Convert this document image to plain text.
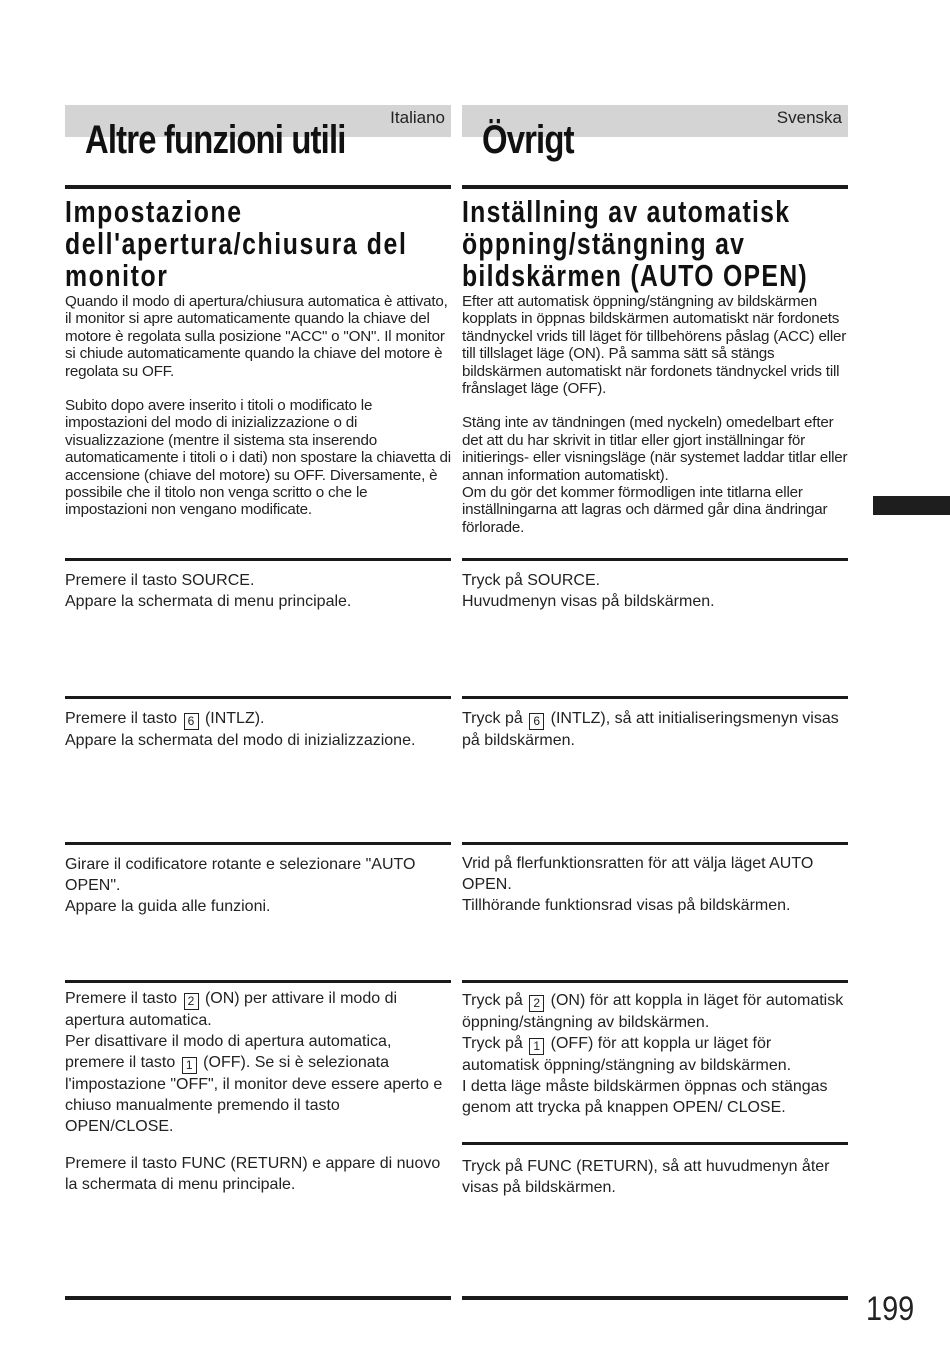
Italiano
Altre funzioni utili
Impostazione dell'apertura/chiusura del monitor

Quando il modo di apertura/chiusura automatica è attivato, il monitor si apre automaticamente quando la chiave del motore è regolata sulla posizione "ACC" o "ON". Il monitor si chiude automaticamente quando la chiave del motore è regolata su OFF.

Subito dopo avere inserito i titoli o modificato le impostazioni del modo di inizializzazione o di visualizzazione (mentre il sistema sta inserendo automaticamente i titoli o i dati) non spostare la chiavetta di accensione (chiave del motore) su OFF. Diversamente, è possibile che il titolo non venga scritto o che le impostazioni non vengano modificate.

Premere il tasto SOURCE.

Appare la schermata di menu principale.

Premere il tasto 6 (INTLZ).

Appare la schermata del modo di inizializzazione.

Girare il codificatore rotante e selezionare "AUTO OPEN".

Appare la guida alle funzioni.

Premere il tasto 2 (ON) per attivare il modo di apertura automatica.

Per disattivare il modo di apertura automatica, premere il tasto 1 (OFF). Se si è selezionata l'impostazione "OFF", il monitor deve essere aperto e chiuso manualmente premendo il tasto OPEN/CLOSE.

Premere il tasto FUNC (RETURN) e appare di nuovo la schermata di menu principale.

Svenska
Övrigt
Inställning av automatisk öppning/stängning av bildskärmen (AUTO OPEN)

Efter att automatisk öppning/stängning av bildskärmen kopplats in öppnas bildskärmen automatiskt när fordonets tändnyckel vrids till läget för tillbehörens påslag (ACC) eller till tillslaget läge (ON). På samma sätt så stängs bildskärmen automatiskt när fordonets tändnyckel vrids till frånslaget läge (OFF).

Stäng inte av tändningen (med nyckeln) omedelbart efter det att du har skrivit in titlar eller gjort inställningar för initierings- eller visningsläge (när systemet laddar titlar eller annan information automatiskt).

Om du gör det kommer förmodligen inte titlarna eller inställningarna att lagras och därmed går dina ändringar förlorade.

Tryck på SOURCE.

Huvudmenyn visas på bildskärmen.

Tryck på 6 (INTLZ), så att initialiseringsmenyn visas på bildskärmen.

Vrid på flerfunktionsratten för att välja läget AUTO OPEN.

Tillhörande funktionsrad visas på bildskärmen.

Tryck på 2 (ON) för att koppla in läget för automatisk öppning/stängning av bildskärmen.

Tryck på 1 (OFF) för att koppla ur läget för automatisk öppning/stängning av bildskärmen.

I detta läge måste bildskärmen öppnas och stängas genom att trycka på knappen OPEN/ CLOSE.

Tryck på FUNC (RETURN), så att huvudmenyn åter visas på bildskärmen.

199
